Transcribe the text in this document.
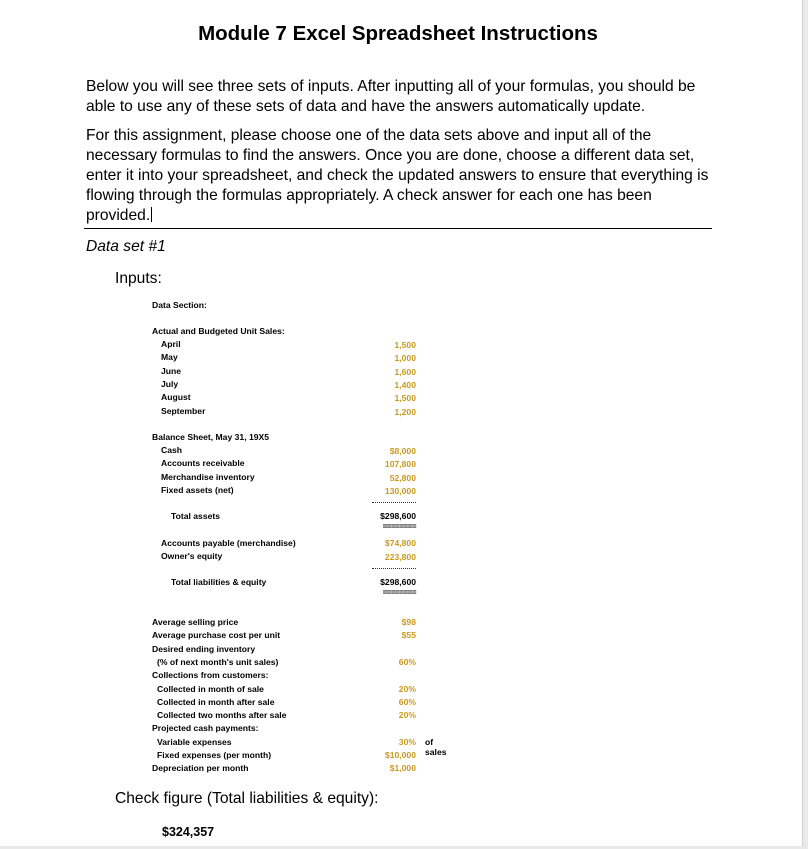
Module 7 Excel Spreadsheet Instructions

Below you will see three sets of inputs. After inputting all of your formulas, you should be able to use any of these sets of data and have the answers automatically update.

For this assignment, please choose one of the data sets above and input all of the necessary formulas to find the answers. Once you are done, choose a different data set, enter it into your spreadsheet, and check the updated answers to ensure that everything is flowing through the formulas appropriately. A check answer for each one has been provided.

Data set #1
Inputs:
Data Section:
Actual and Budgeted Unit Sales:
April	1,500
May	1,000
June	1,600
July	1,400
August	1,500
September	1,200
Balance Sheet, May 31, 19X5
Cash	$8,000
Accounts receivable	107,800
Merchandise inventory	52,800
Fixed assets (net)	130,000
Total assets	$298,600
========
Accounts payable (merchandise)	$74,800
Owner's equity	223,800
Total liabilities & equity	$298,600
========
Average selling price	$98
Average purchase cost per unit	$55
Desired ending inventory
(% of next month's unit sales)	60%
Collections from customers:
Collected in month of sale	20%
Collected in month after sale	60%
Collected two months after sale	20%
Projected cash payments:
Variable expenses	30% of sales
Fixed expenses (per month)	$10,000
Depreciation per month	$1,000
Check figure (Total liabilities & equity):
$324,357
